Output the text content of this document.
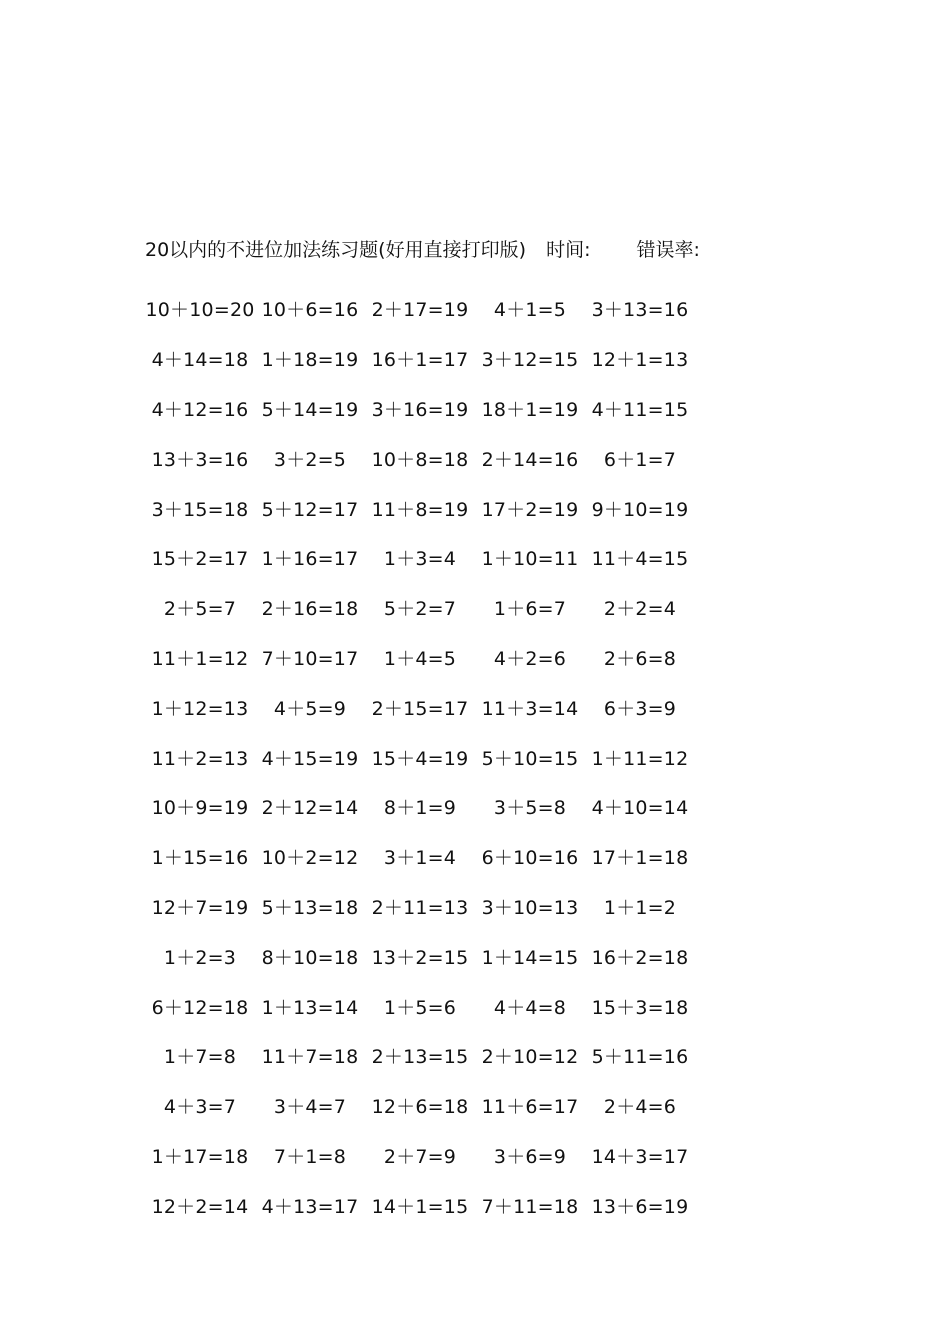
20以内的不进位加法练习题(好用直接打印版) 时间: 错误率:
10＋10=20 10＋6=16 2＋17=19	4＋1=5	3＋13=16
4＋14=18 1＋18=19 16＋1=17 3＋12=15 12＋1=13
4＋12=16 5＋14=19 3＋16=19 18＋1=19 4＋11=15
13＋3=16	3＋2=5	10＋8=18 2＋14=16	6＋1=7
3＋15=18 5＋12=17 11＋8=19 17＋2=19 9＋10=19
15＋2=17 1＋16=17	1＋3=4	1＋10=11 11＋4=15
2＋5=7	2＋16=18	5＋2=7	1＋6=7	2＋2=4
11＋1=12 7＋10=17	1＋4=5	4＋2=6	2＋6=8
1＋12=13	4＋5=9	2＋15=17 11＋3=14	6＋3=9
11＋2=13 4＋15=19 15＋4=19 5＋10=15 1＋11=12
10＋9=19 2＋12=14	8＋1=9	3＋5=8	4＋10=14
1＋15=16 10＋2=12	3＋1=4	6＋10=16 17＋1=18
12＋7=19 5＋13=18 2＋11=13 3＋10=13	1＋1=2
1＋2=3	8＋10=18 13＋2=15 1＋14=15 16＋2=18
6＋12=18 1＋13=14	1＋5=6	4＋4=8	15＋3=18
1＋7=8	11＋7=18 2＋13=15 2＋10=12 5＋11=16
4＋3=7	3＋4=7	12＋6=18 11＋6=17	2＋4=6
1＋17=18	7＋1=8	2＋7=9	3＋6=9	14＋3=17
12＋2=14 4＋13=17 14＋1=15 7＋11=18 13＋6=19
